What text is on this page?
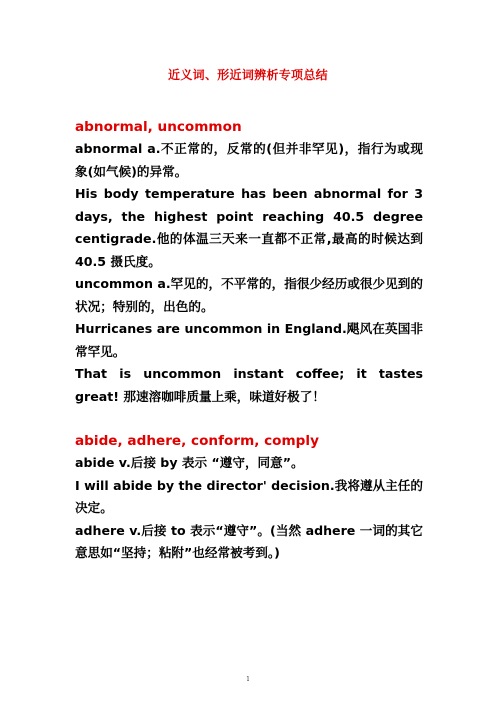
近义词、形近词辨析专项总结

abnormal, uncommon

abnormal a.不正常的，反常的(但并非罕见)，指行为或现象(如气候)的异常。

His body temperature has been abnormal for 3 days, the highest point reaching 40.5 degree centigrade.他的体温三天来一直都不正常,最高的时候达到 40.5 摄氏度。

uncommon a.罕见的，不平常的，指很少经历或很少见到的状况；特别的，出色的。

Hurricanes are uncommon in England.飓风在英国非常罕见。

That is uncommon instant coffee; it tastes great! 那速溶咖啡质量上乘，味道好极了！

abide, adhere, conform, comply

abide v.后接 by 表示 “遵守，同意”。

I will abide by the director' decision.我将遵从主任的决定。

adhere v.后接 to 表示“遵守”。(当然 adhere 一词的其它意思如“坚持；粘附”也经常被考到。)

1
